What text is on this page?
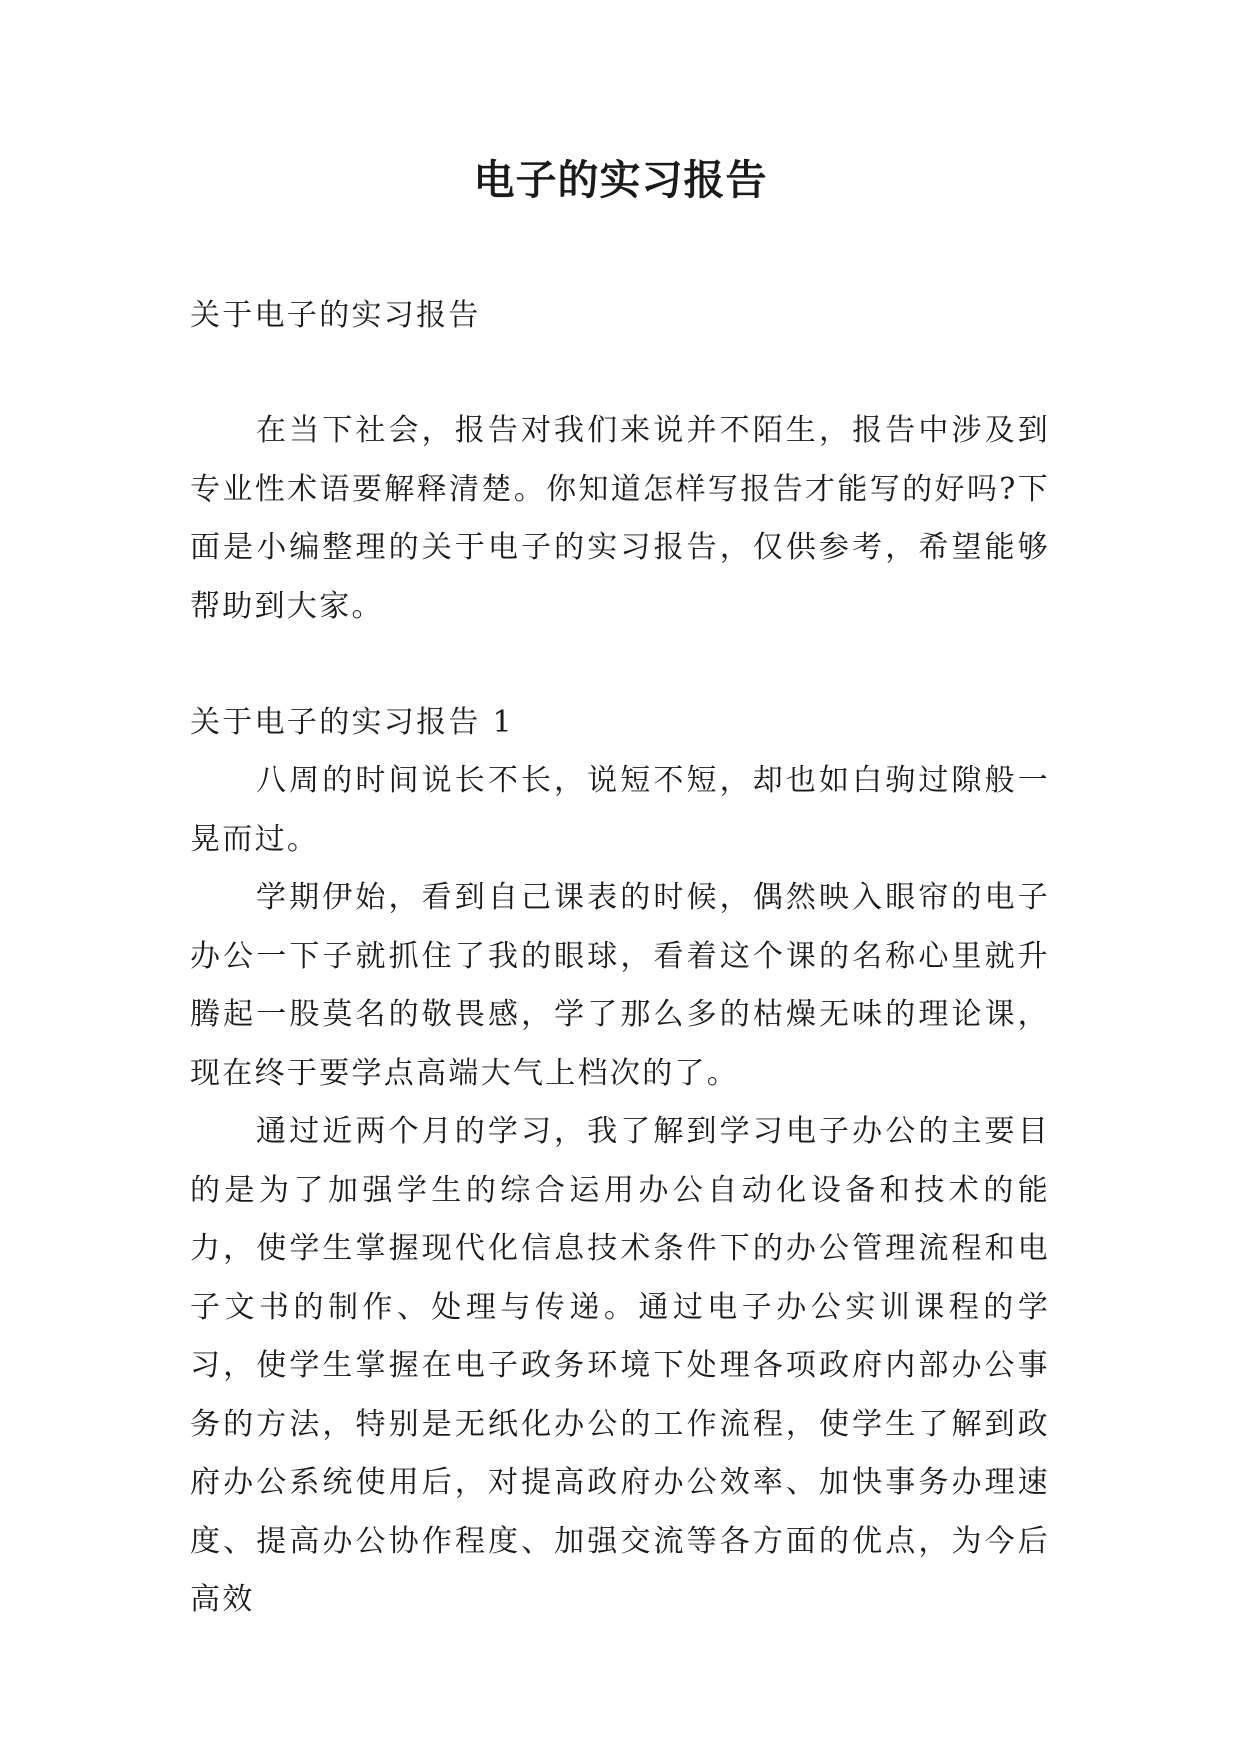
电子的实习报告

关于电子的实习报告

在当下社会，报告对我们来说并不陌生，报告中涉及到专业性术语要解释清楚。你知道怎样写报告才能写的好吗?下面是小编整理的关于电子的实习报告，仅供参考，希望能够帮助到大家。

关于电子的实习报告 1

八周的时间说长不长，说短不短，却也如白驹过隙般一晃而过。

学期伊始，看到自己课表的时候，偶然映入眼帘的电子办公一下子就抓住了我的眼球，看着这个课的名称心里就升腾起一股莫名的敬畏感，学了那么多的枯燥无味的理论课，现在终于要学点高端大气上档次的了。

通过近两个月的学习，我了解到学习电子办公的主要目的是为了加强学生的综合运用办公自动化设备和技术的能力，使学生掌握现代化信息技术条件下的办公管理流程和电子文书的制作、处理与传递。通过电子办公实训课程的学习，使学生掌握在电子政务环境下处理各项政府内部办公事务的方法，特别是无纸化办公的工作流程，使学生了解到政府办公系统使用后，对提高政府办公效率、加快事务办理速度、提高办公协作程度、加强交流等各方面的优点，为今后高效
